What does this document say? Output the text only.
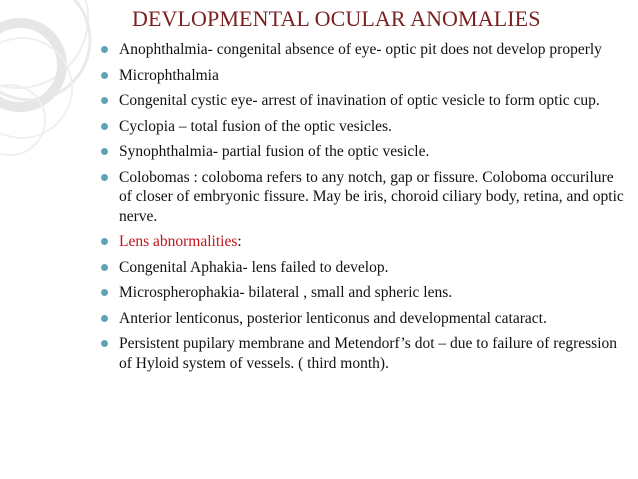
DEVLOPMENTAL OCULAR ANOMALIES
Anophthalmia- congenital absence of eye- optic pit does not develop properly
Microphthalmia
Congenital cystic eye- arrest of inavination of optic vesicle to form optic cup.
Cyclopia – total fusion of the optic vesicles.
Synophthalmia- partial fusion of the optic vesicle.
Colobomas : coloboma refers to any notch, gap or fissure. Coloboma occurilure of closer of embryonic fissure. May be iris, choroid ciliary body, retina, and optic nerve.
Lens abnormalities:
Congenital Aphakia- lens failed to develop.
Microspherophakia- bilateral , small and spheric lens.
Anterior lenticonus, posterior lenticonus and developmental cataract.
Persistent pupilary membrane and Metendorf’s dot – due to failure of regression of Hyloid system of vessels. ( third month).
